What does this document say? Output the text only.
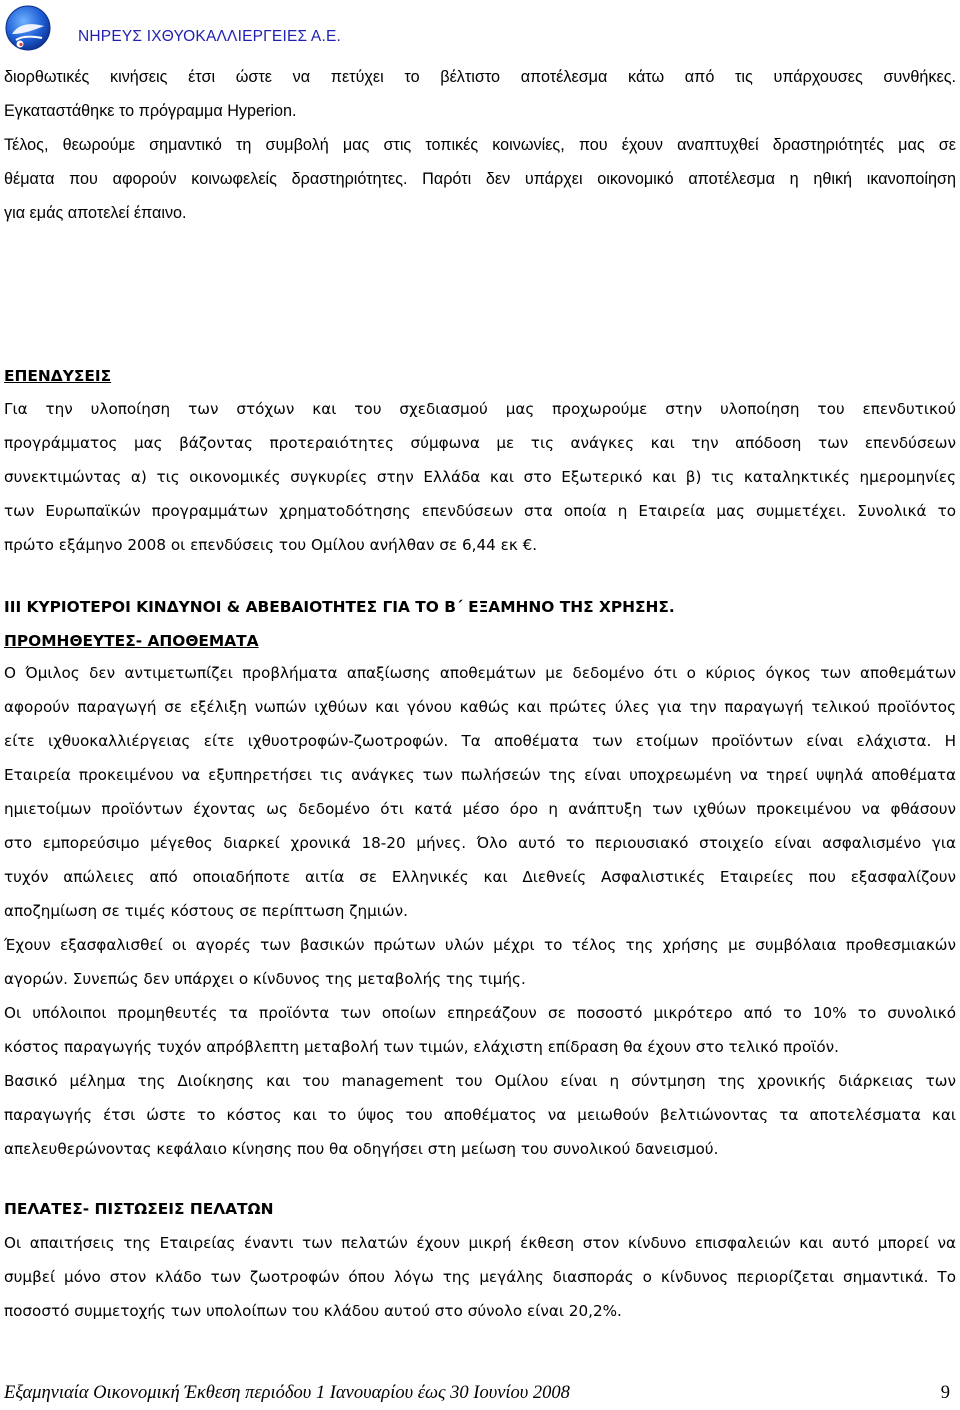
ΝΗΡΕΥΣ ΙΧΘΥΟΚΑΛΛΙΕΡΓΕΙΕΣ Α.Ε.
διορθωτικές κινήσεις έτσι ώστε να πετύχει το βέλτιστο αποτέλεσμα κάτω από τις υπάρχουσες συνθήκες.
Εγκαταστάθηκε το πρόγραμμα Hyperion.
Τέλος, θεωρούμε σημαντικό τη συμβολή μας στις τοπικές κοινωνίες, που έχουν αναπτυχθεί δραστηριότητές μας σε
θέματα που αφορούν κοινωφελείς δραστηριότητες. Παρότι δεν υπάρχει οικονομικό αποτέλεσμα η ηθική ικανοποίηση
για εμάς αποτελεί έπαινο.
ΕΠΕΝΔΥΣΕΙΣ
Για την υλοποίηση των στόχων και του σχεδιασμού μας προχωρούμε στην υλοποίηση του επενδυτικού
προγράμματος μας βάζοντας προτεραιότητες σύμφωνα με τις ανάγκες και την απόδοση των επενδύσεων
συνεκτιμώντας α) τις οικονομικές συγκυρίες στην Ελλάδα και στο Εξωτερικό και β) τις καταληκτικές ημερομηνίες
των Ευρωπαϊκών προγραμμάτων χρηματοδότησης επενδύσεων στα οποία η Εταιρεία μας συμμετέχει. Συνολικά το
πρώτο εξάμηνο 2008 οι επενδύσεις του Ομίλου ανήλθαν σε 6,44 εκ €.
ΙΙΙ ΚΥΡΙΟΤΕΡΟΙ ΚΙΝΔΥΝΟΙ & ΑΒΕΒΑΙΟΤΗΤΕΣ ΓΙΑ ΤΟ Β΄ ΕΞΑΜΗΝΟ ΤΗΣ ΧΡΗΣΗΣ.
ΠΡΟΜΗΘΕΥΤΕΣ- ΑΠΟΘΕΜΑΤΑ
Ο Όμιλος δεν αντιμετωπίζει προβλήματα απαξίωσης αποθεμάτων με δεδομένο ότι ο κύριος όγκος των αποθεμάτων
αφορούν παραγωγή σε εξέλιξη νωπών ιχθύων και γόνου καθώς και πρώτες ύλες για την παραγωγή τελικού προϊόντος
είτε ιχθυοκαλλιέργειας είτε ιχθυοτροφών-ζωοτροφών. Τα αποθέματα των ετοίμων προϊόντων είναι ελάχιστα. Η
Εταιρεία προκειμένου να εξυπηρετήσει τις ανάγκες των πωλήσεών της είναι υποχρεωμένη να τηρεί υψηλά αποθέματα
ημιετοίμων προϊόντων έχοντας ως δεδομένο ότι κατά μέσο όρο η ανάπτυξη των ιχθύων προκειμένου να φθάσουν
στο εμπορεύσιμο μέγεθος διαρκεί χρονικά 18-20 μήνες. Όλο αυτό το περιουσιακό στοιχείο είναι ασφαλισμένο για
τυχόν απώλειες από οποιαδήποτε αιτία σε Ελληνικές και Διεθνείς Ασφαλιστικές Εταιρείες που εξασφαλίζουν
αποζημίωση σε τιμές κόστους σε περίπτωση ζημιών.
Έχουν εξασφαλισθεί οι αγορές των βασικών πρώτων υλών μέχρι το τέλος της χρήσης με συμβόλαια προθεσμιακών
αγορών. Συνεπώς δεν υπάρχει ο κίνδυνος της μεταβολής της τιμής.
Οι υπόλοιποι προμηθευτές τα προϊόντα των οποίων επηρεάζουν σε ποσοστό μικρότερο από το 10% το συνολικό
κόστος παραγωγής τυχόν απρόβλεπτη μεταβολή των τιμών, ελάχιστη επίδραση θα έχουν στο τελικό προϊόν.
Βασικό μέλημα της Διοίκησης και του management του Ομίλου είναι η σύντμηση της χρονικής διάρκειας των
παραγωγής έτσι ώστε το κόστος και το ύψος του αποθέματος να μειωθούν βελτιώνοντας τα αποτελέσματα και
απελευθερώνοντας κεφάλαιο κίνησης που θα οδηγήσει στη μείωση του συνολικού δανεισμού.
ΠΕΛΑΤΕΣ- ΠΙΣΤΩΣΕΙΣ ΠΕΛΑΤΩΝ
Οι απαιτήσεις της Εταιρείας έναντι των πελατών έχουν μικρή έκθεση στον κίνδυνο επισφαλειών και αυτό μπορεί να
συμβεί μόνο στον κλάδο των ζωοτροφών όπου λόγω της μεγάλης διασποράς ο κίνδυνος περιορίζεται σημαντικά. Το
ποσοστό συμμετοχής των υπολοίπων του κλάδου αυτού στο σύνολο είναι 20,2%.
Εξαμηνιαία Οικονομική Έκθεση περιόδου 1 Ιανουαρίου έως 30 Ιουνίου 2008	9
